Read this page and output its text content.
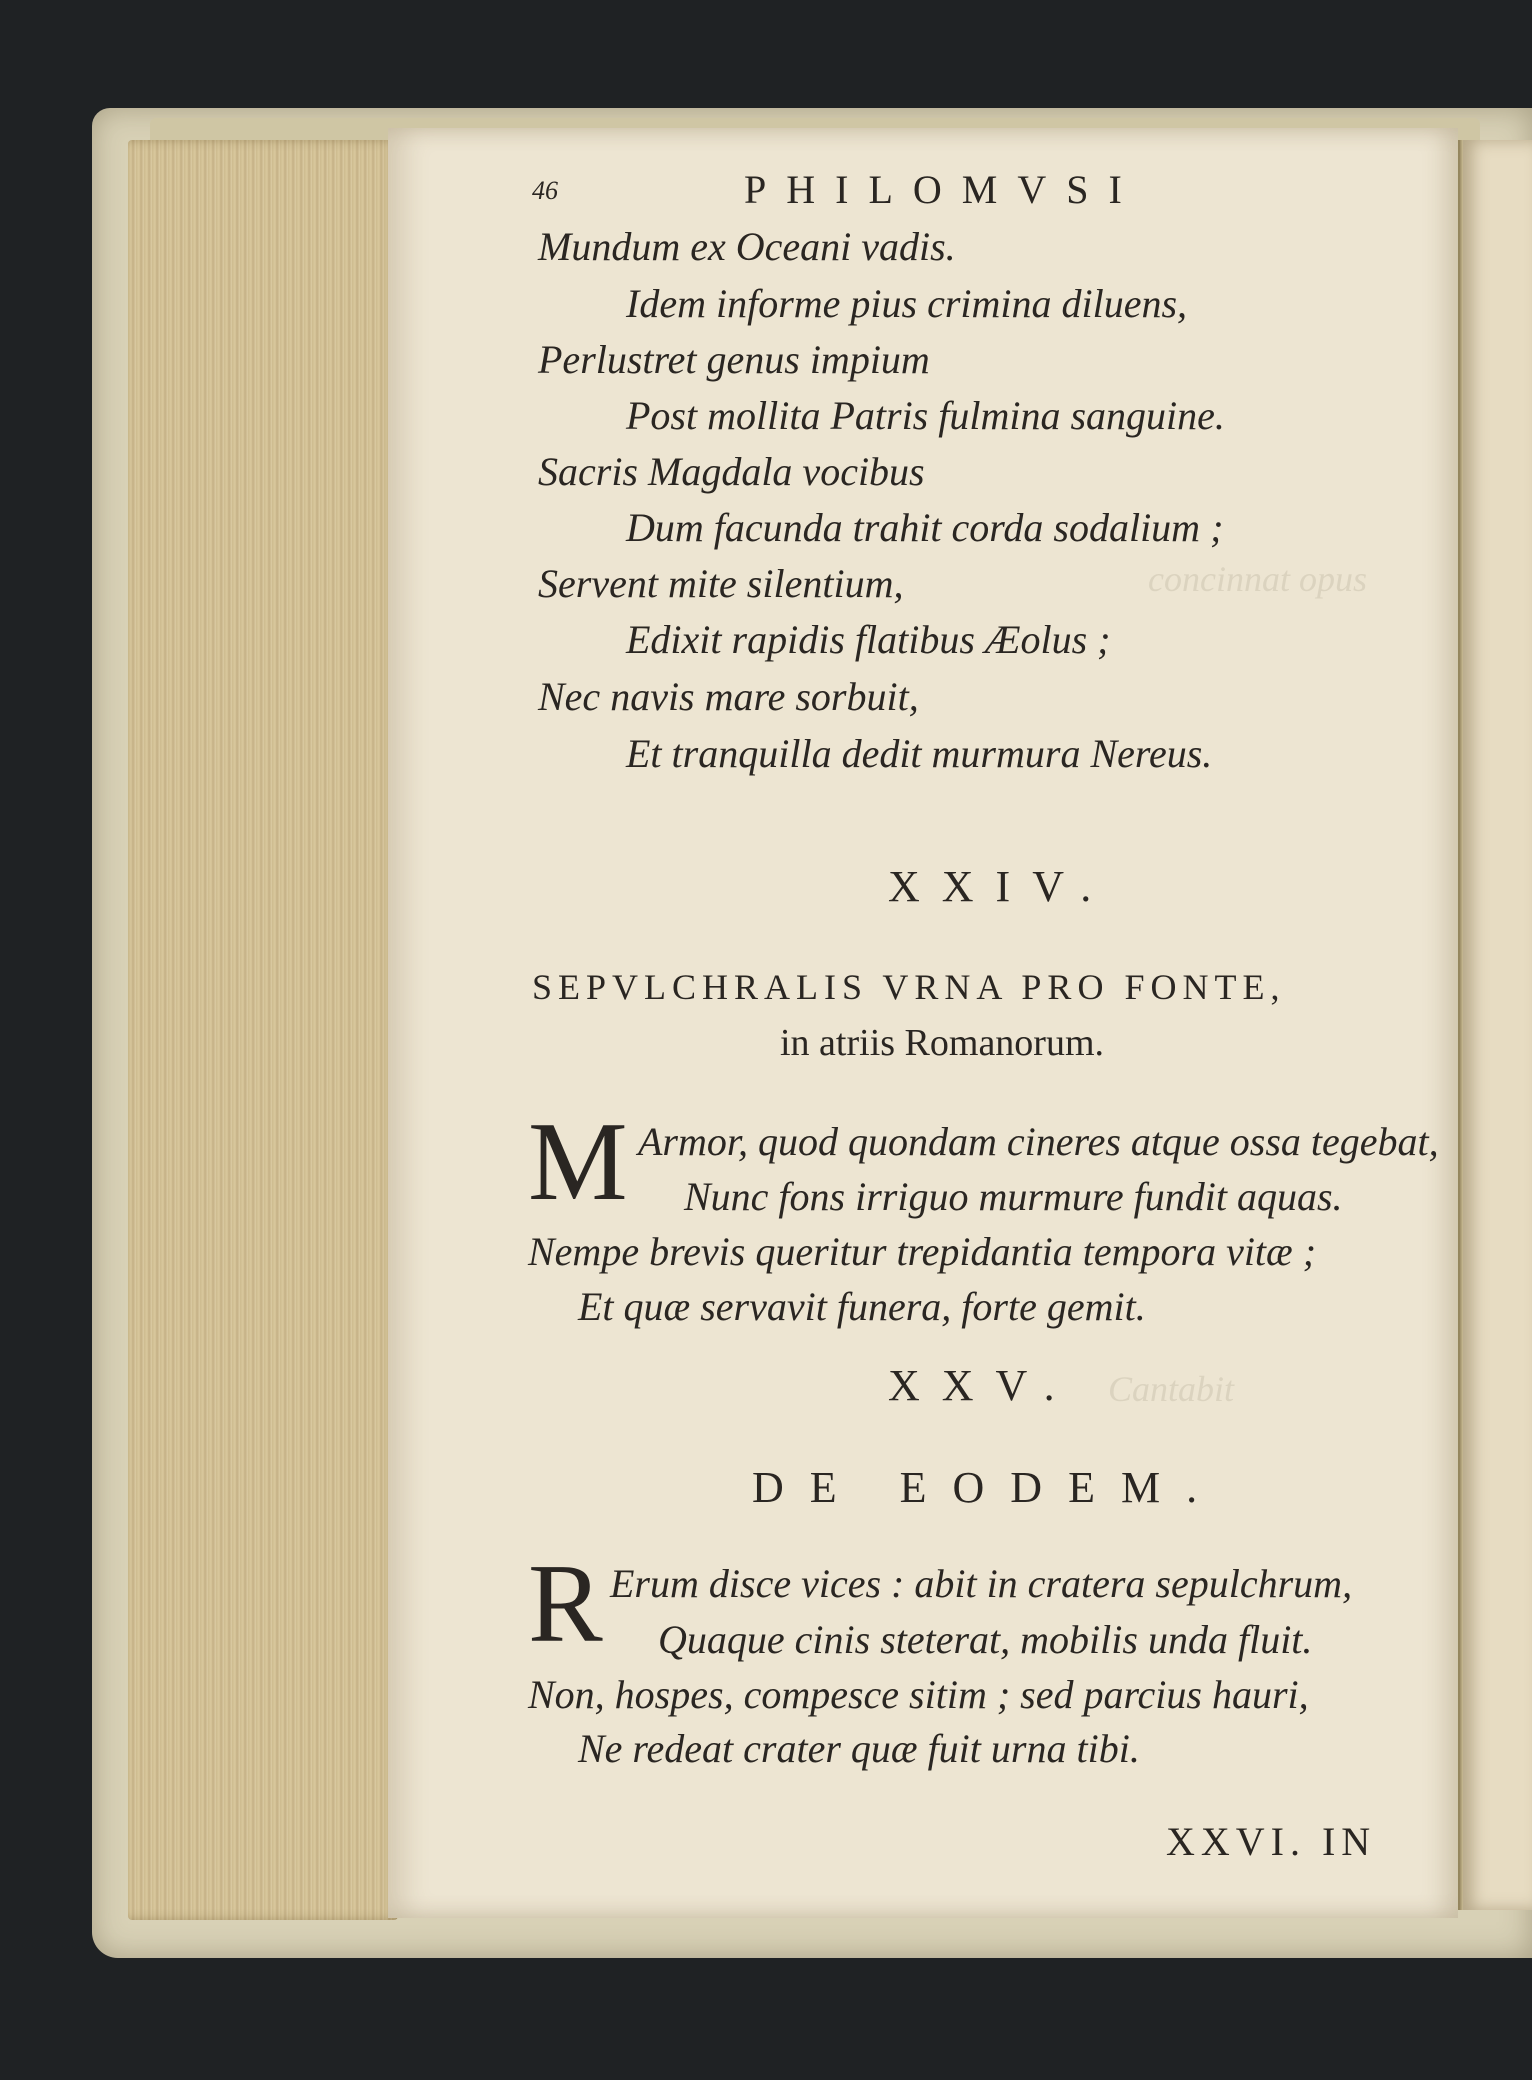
concinnat opus
Cantabit
46	PHILOMVSI
Mundum ex Oceani vadis.
Idem informe pius crimina diluens,
Perlustret genus impium
Post mollita Patris fulmina sanguine.
Sacris Magdala vocibus
Dum facunda trahit corda sodalium ;
Servent mite silentium,
Edixit rapidis flatibus Æolus ;
Nec navis mare sorbuit,
Et tranquilla dedit murmura Nereus.
XXIV.
SEPVLCHRALIS VRNA PRO FONTE,
in atriis Romanorum.
M Armor, quod quondam cineres atque ossa tegebat,
Nunc fons irriguo murmure fundit aquas.
Nempe brevis queritur trepidantia tempora vitæ ;
Et quæ servavit funera, forte gemit.
XXV.
DE EODEM.
R Erum disce vices : abit in cratera sepulchrum,
Quaque cinis steterat, mobilis unda fluit.
Non, hospes, compesce sitim ; sed parcius hauri,
Ne redeat crater quæ fuit urna tibi.
XXVI. IN
